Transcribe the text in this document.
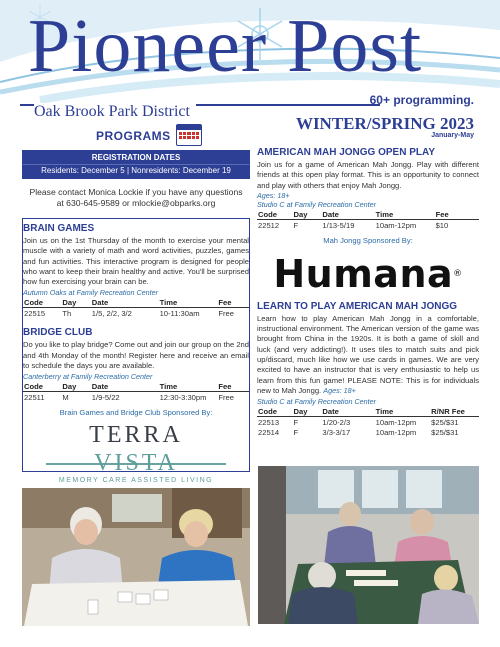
Pioneer Post
Oak Brook Park District
60+ programming.
WINTER/SPRING 2023
January-May
PROGRAMS
REGISTRATION DATES
Residents: December 5 | Nonresidents: December 19
Please contact Monica Lockie if you have any questions
at 630-645-9589 or mlockie@obparks.org
BRAIN GAMES
Join us on the 1st Thursday of the month to exercise your mental muscle with a variety of math and word activities, puzzles, games and fun activities. This interactive program is designed for people who want to keep their brain healthy and active. You'll be surprised how fun exercising your brain can be.
Autumn Oaks at Family Recreation Center
Code	Day	Date	Time	Fee
22515	Th	1/5, 2/2, 3/2	10-11:30am	Free
BRIDGE CLUB
Do you like to play bridge? Come out and join our group on the 2nd and 4th Monday of the month! Register here and receive an email to schedule the days you are available.
Canterberry at Family Recreation Center
Code	Day	Date	Time	Fee
22511	M	1/9-5/22	12:30-3:30pm	Free
Brain Games and Bridge Club Sponsored By:
TERRA VISTA
MEMORY CARE ASSISTED LIVING
AMERICAN MAH JONGG OPEN PLAY
Join us for a game of American Mah Jongg. Play with different friends at this open play format. This is an opportunity to connect and play with others that enjoy Mah Jongg.
Ages: 18+
Studio C at Family Recreation Center
Code	Day	Date	Time	Fee
22512	F	1/13-5/19	10am-12pm	$10
Mah Jongg Sponsored By:
Humana®
LEARN TO PLAY AMERICAN MAH JONGG
Learn how to play American Mah Jongg in a comfortable, instructional environment. The American version of the game was brought from China in the 1920s. It is both a game of skill and luck (and very addicting!). It uses tiles to match suits and pick up/discard, much like how we use cards in games. We are very excited to have an instructor that is very enthusiastic to help us learn from this fun game! PLEASE NOTE: This is for individuals new to Mah Jongg. Ages: 18+
Studio C at Family Recreation Center
Code	Day	Date	Time	R/NR Fee
22513	F	1/20-2/3	10am-12pm	$25/$31
22514	F	3/3-3/17	10am-12pm	$25/$31
